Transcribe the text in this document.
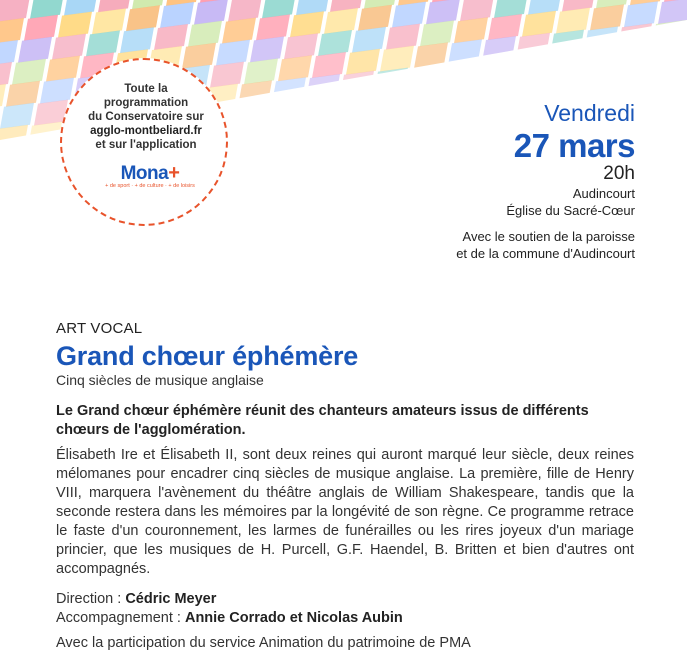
Toute la
programmation
du Conservatoire sur
agglo-montbeliard.fr
et sur l'application
Mona+
+ de sport · + de culture · + de loisirs
Vendredi
27 mars
20h
Audincourt
Église du Sacré-Cœur
Avec le soutien de la paroisse
et de la commune d'Audincourt
ART VOCAL
Grand chœur éphémère
Cinq siècles de musique anglaise
Le Grand chœur éphémère réunit des chanteurs amateurs issus de différents chœurs de l'agglomération.
Élisabeth Ire et Élisabeth II, sont deux reines qui auront marqué leur siècle, deux reines mélomanes pour encadrer cinq siècles de musique anglaise. La première, fille de Henry VIII, marquera l'avènement du théâtre anglais de William Shakespeare, tandis que la seconde restera dans les mémoires par la longévité de son règne. Ce programme retrace le faste d'un couronnement, les larmes de funérailles ou les rires joyeux d'un mariage princier, que les musiques de H. Purcell, G.F. Haendel, B. Britten et bien d'autres ont accompagnés.
Direction : Cédric Meyer
Accompagnement : Annie Corrado et Nicolas Aubin
Avec la participation du service Animation du patrimoine de PMA
